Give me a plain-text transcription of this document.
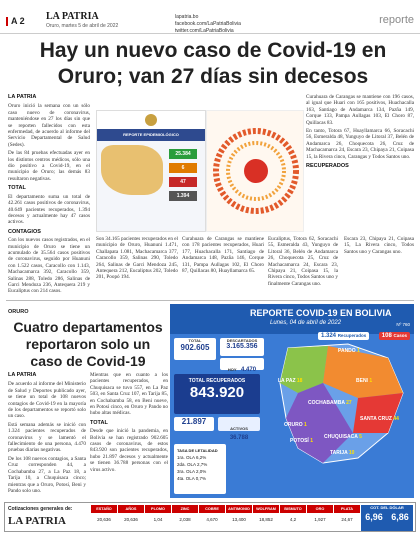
A 2 LA PATRIA
Oruro, martes 5 de abril de 2022
lapatria.bo
facebook.com/LaPatriaBolivia
twitter.com/LaPatriaBolivia
reporte
Hay un nuevo caso de Covid-19 en Oruro; van 27 días sin decesos
LA PATRIA

Oruro inició la semana con un sólo caso nuevo de coronavirus, manteniéndose en 27 los días sin que se reporten fallecidos con esta enfermedad, de acuerdo al informe del Servicio Departamental de Salud (Sedes).

De las 84 pruebas efectuadas ayer en los distintos centros médicos, sólo una dio positivo a Covid-19, en el municipio de Oruro; las demás 83 resultaron negativas.

TOTAL

El departamento suma un total de 42.261 casos positivos de coronavirus, 40.649 pacientes recuperados, 1.394 decesos y actualmente hay 47 casos activos.

CONTAGIOS

Con los nuevos casos registrados, en el municipio de Oruro se tiene un acumulado de 35.564 casos positivos de coronavirus, seguido por Huanuni con 1.522 casos, Caracollo con 1.143, Machacamarca 392, Caracollo 359, Salinas 288, Toledo 286, Salinas de Garci Mendoza 236, Antequera 219 y Eucaliptus con 214 casos.

REPORTE EPIDEMIOLÓGICO
25.384
6
47
1.394

Son 34.165 pacientes recuperados en el municipio de Oruro, Huanuni 1.471, Challapata 1.081, Machacamarca 377, Caracollo 359, Salinas 290, Toledo 264, Salinas de Garci Mendoza 245, Antequera 212, Eucaliptus 202, Toledo 201, Poopó 194.

Curahuara de Carangas se mantiene con 178 pacientes recuperados, Huari 177, Huachacalla 171, Santiago de Andamarca 148, Pazña 146, Corque 131, Pampa Aullagas 102, El Choro 87, Quillacas 80, Huayllamarca 65.

Eucaliptus, Totora 62, Soracachi 55, Esmeralda 43, Yunguyo de Litoral 36, Belén de Andamarca 26, Choquecota 25, Cruz de Machacamarca 24, Escara 23, Chipaya 21, Coipasa 15, la Rivera cinco, Todos Santos uno y finalmente Carangas uno.

Curahuara de Carangas se mantiene con 196 casos, al igual que Huari con 165 positivos, Huachacalla 163, Santiago de Andamarca 134, Pazña 149, Corque 133, Pampa Aullagas 103, El Choro 87, Quillacas 83.

En tanto, Totora 67, Huayllamarca 66, Soracachi 56, Esmeralda 48, Yunguyo de Litoral 37, Belén de Andamarca 26, Choquecota 26, Cruz de Machacamarca 24, Escara 23, Chipaya 21, Coipasa 15, la Rivera cinco, Carangas y Todos Santos uno.

RECUPERADOS

Escara 23, Chipaya 21, Coipasa 15, La Rivera cinco, Todos Santos uno y Carangas uno.

ORURO
Cuatro departamentos reportaron solo un caso de Covid-19
LA PATRIA

De acuerdo al informe del Ministerio de Salud y Deportes publicado ayer, se tiene un total de 108 nuevos contagios de Covid-19 en la mayoría de los departamentos se reportó solo un caso.

Está semana además se inició con 1.324 pacientes recuperados de coronavirus y se lamentó el fallecimiento de una persona, 4.470 pruebas diarias negativas.

De los 108 nuevos contagios, a Santa Cruz corresponden 44, a Cochabamba 27, a La Paz 18, a Tarija 10, a Chuquisaca cinco; mientras que a Oruro, Potosí, Beni y Pando solo uno.

Mientras que en cuanto a los pacientes recuperados, en Chuquisaca se tuvo 557, en La Paz 503, en Santa Cruz 107, en Tarija 85, en Cochabamba 58, en Beni nueve, en Potosí cinco, en Oruro y Pando no hubo altas médicas.

TOTAL

Desde que inició la pandemia, en Bolivia se han registrado 902.605 casos de coronavirus, de estos 843.920 son pacientes recuperados, hubo 21.897 decesos y actualmente se tienen 36.788 personas con el virus activo.

REPORTE COVID-19 EN BOLIVIA
Lunes, 04 de abril de 2022	Nº 760
TOTAL
902.605
DESCARTADOS
3.165.356
HOY 4.470
TOTAL RECUPERADOS
843.920
21.897
ACTIVOS
36.788
TASA DE LETALIDAD
1ra. OLA 6,2%
2da. OLA 2,7%
3ra. OLA 2,0%
4ta. OLA 0,7%
1.324 Recuperados	108 Casos
LA PAZ 18
COCHABAMBA 27
BENI 1
PANDO 1
SANTA CRUZ 44
ORURO 1
POTOSÍ 1
CHUQUISACA 5
TARIJA 10
Cotizaciones generales de:
LA PATRIA
ESTAÑO
20,636
AÑOS
20,636
PLOMO
1,04
ZINC
2,038
COBRE
4,670
ANTIMONIO
13,400
WOLFRAM
18,852
BISMUTO
4,2
ORO
1,927
PLATA
24,67
COT. DEL DÓLAR
6,96 6,86
